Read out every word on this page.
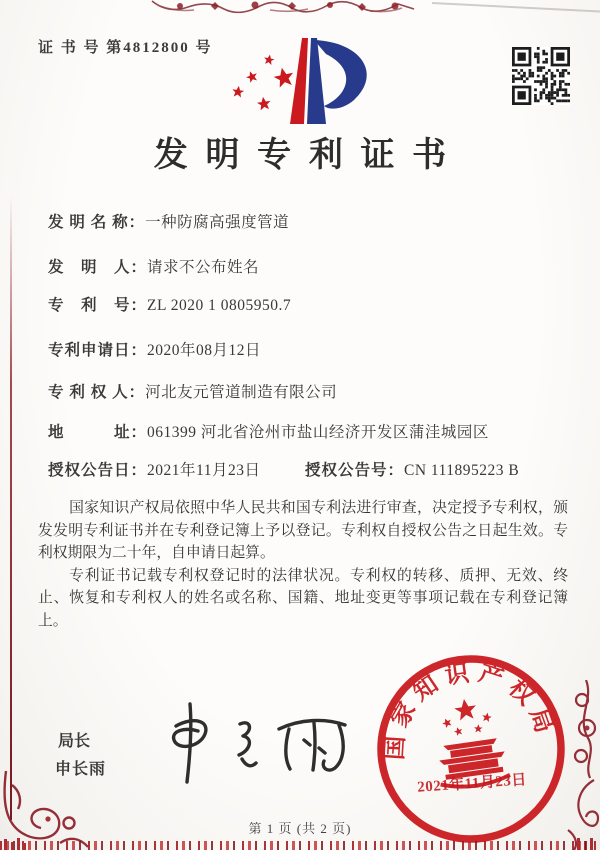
证 书 号 第4812800 号
发明专利证书
发 明 名 称：一种防腐高强度管道
发　明　人：请求不公布姓名
专　利　号：ZL 2020 1 0805950.7
专利申请日：2020年08月12日
专 利 权 人：河北友元管道制造有限公司
地　　　址：061399 河北省沧州市盐山经济开发区蒲洼城园区
授权公告日：2021年11月23日	授权公告号：CN 111895223 B

国家知识产权局依照中华人民共和国专利法进行审查，决定授予专利权，颁发发明专利证书并在专利登记簿上予以登记。专利权自授权公告之日起生效。专利权期限为二十年，自申请日起算。

专利证书记载专利权登记时的法律状况。专利权的转移、质押、无效、终止、恢复和专利权人的姓名或名称、国籍、地址变更等事项记载在专利登记簿上。

局长
申长雨
国家知识产权局
2021年11月23日
第 1 页 (共 2 页)
